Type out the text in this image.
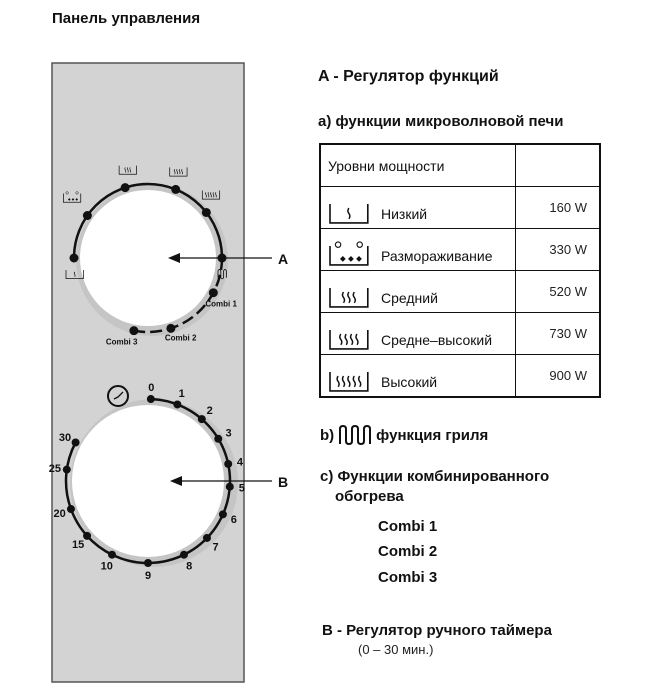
Панель управления
Combi 1
Combi 2
Combi 3
0
1
2
3
4
5
6
7
8
9
10
15
20
25
30
A
B
A - Регулятор функций
a) функции микроволновой печи
Уровни мощности	

Низкий	160 W

Размораживание	330 W

Средний	520 W

Средне–высокий	730 W

Высокий	900 W
b)	функция гриля
c) Функции комбинированного
обогрева
Combi 1
Combi 2
Combi 3
B - Регулятор ручного таймера
(0 – 30 мин.)
